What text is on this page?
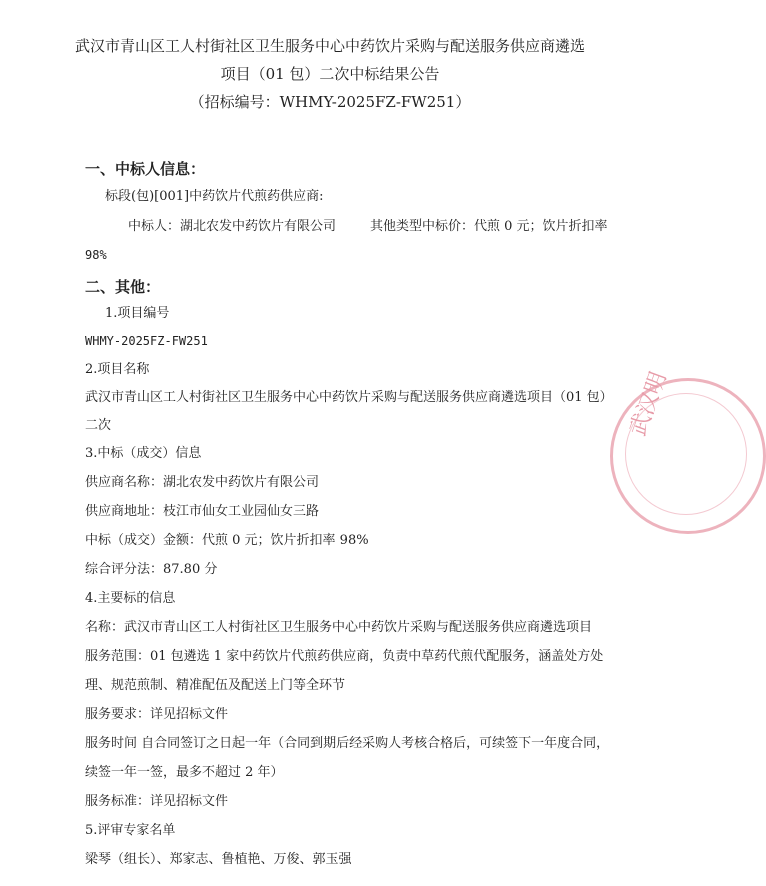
武汉市青山区工人村街社区卫生服务中心中药饮片采购与配送服务供应商遴选
项目（01 包）二次中标结果公告
（招标编号：WHMY-2025FZ-FW251）
一、中标人信息：
标段(包)[001]中药饮片代煎药供应商:
中标人：湖北农发中药饮片有限公司	其他类型中标价：代煎 0 元；饮片折扣率
98%
二、其他：
1.项目编号
WHMY-2025FZ-FW251
2.项目名称
武汉市青山区工人村街社区卫生服务中心中药饮片采购与配送服务供应商遴选项目（01 包）
二次
3.中标（成交）信息
供应商名称：湖北农发中药饮片有限公司
供应商地址：枝江市仙女工业园仙女三路
中标（成交）金额：代煎 0 元；饮片折扣率 98%
综合评分法：87.80 分
4.主要标的信息
名称：武汉市青山区工人村街社区卫生服务中心中药饮片采购与配送服务供应商遴选项目
服务范围：01 包遴选 1 家中药饮片代煎药供应商，负责中草药代煎代配服务，涵盖处方处
理、规范煎制、精准配伍及配送上门等全环节
服务要求：详见招标文件
服务时间 自合同签订之日起一年（合同到期后经采购人考核合格后，可续签下一年度合同，
续签一年一签，最多不超过 2 年）
服务标准：详见招标文件
5.评审专家名单
梁琴（组长）、郑家志、鲁植艳、万俊、郭玉强
武汉明
